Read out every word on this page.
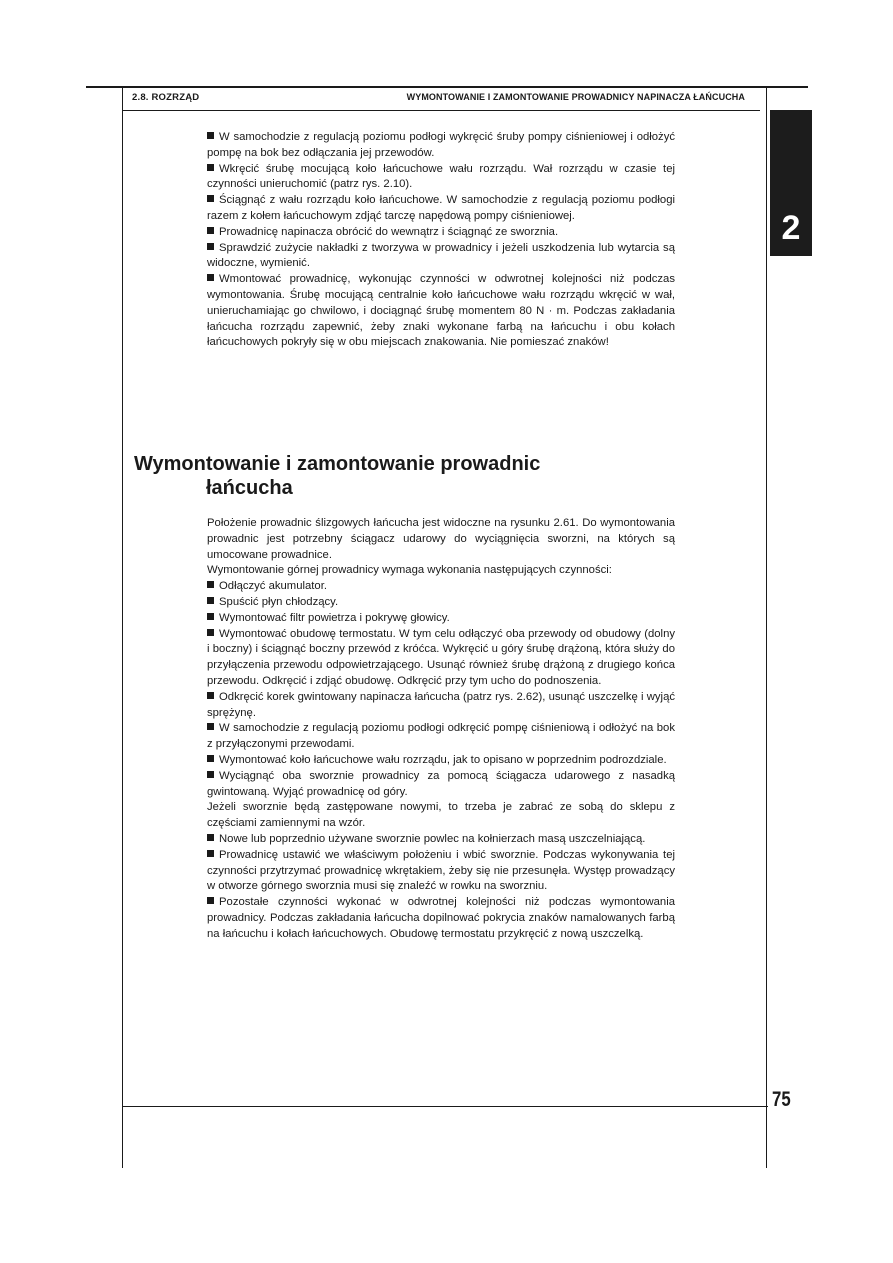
2.8. ROZRZĄD	WYMONTOWANIE I ZAMONTOWANIE PROWADNICY NAPINACZA ŁAŃCUCHA
2

W samochodzie z regulacją poziomu podłogi wykręcić śruby pompy ciśnieniowej i odłożyć pompę na bok bez odłączania jej przewodów.

Wkręcić śrubę mocującą koło łańcuchowe wału rozrządu. Wał rozrządu w czasie tej czynności unieruchomić (patrz rys. 2.10).

Ściągnąć z wału rozrządu koło łańcuchowe. W samochodzie z regulacją poziomu podłogi razem z kołem łańcuchowym zdjąć tarczę napędową pompy ciśnieniowej.

Prowadnicę napinacza obrócić do wewnątrz i ściągnąć ze sworznia.

Sprawdzić zużycie nakładki z tworzywa w prowadnicy i jeżeli uszkodzenia lub wytarcia są widoczne, wymienić.

Wmontować prowadnicę, wykonując czynności w odwrotnej kolejności niż podczas wymontowania. Śrubę mocującą centralnie koło łańcuchowe wału rozrządu wkręcić w wał, unieruchamiając go chwilowo, i dociągnąć śrubę momentem 80 N · m. Podczas zakładania łańcucha rozrządu zapewnić, żeby znaki wykonane farbą na łańcuchu i obu kołach łańcuchowych pokryły się w obu miejscach znakowania. Nie pomieszać znaków!

Wymontowanie i zamontowanie prowadnic
łańcucha

Położenie prowadnic ślizgowych łańcucha jest widoczne na rysunku 2.61. Do wymontowania prowadnic jest potrzebny ściągacz udarowy do wyciągnięcia sworzni, na których są umocowane prowadnice.

Wymontowanie górnej prowadnicy wymaga wykonania następujących czynności:

Odłączyć akumulator.

Spuścić płyn chłodzący.

Wymontować filtr powietrza i pokrywę głowicy.

Wymontować obudowę termostatu. W tym celu odłączyć oba przewody od obudowy (dolny i boczny) i ściągnąć boczny przewód z króćca. Wykręcić u góry śrubę drążoną, która służy do przyłączenia przewodu odpowietrzającego. Usunąć również śrubę drążoną z drugiego końca przewodu. Odkręcić i zdjąć obudowę. Odkręcić przy tym ucho do podnoszenia.

Odkręcić korek gwintowany napinacza łańcucha (patrz rys. 2.62), usunąć uszczelkę i wyjąć sprężynę.

W samochodzie z regulacją poziomu podłogi odkręcić pompę ciśnieniową i odłożyć na bok z przyłączonymi przewodami.

Wymontować koło łańcuchowe wału rozrządu, jak to opisano w poprzednim podrozdziale.

Wyciągnąć oba sworznie prowadnicy za pomocą ściągacza udarowego z nasadką gwintowaną. Wyjąć prowadnicę od góry.

Jeżeli sworznie będą zastępowane nowymi, to trzeba je zabrać ze sobą do sklepu z częściami zamiennymi na wzór.

Nowe lub poprzednio używane sworznie powlec na kołnierzach masą uszczelniającą.

Prowadnicę ustawić we właściwym położeniu i wbić sworznie. Podczas wykonywania tej czynności przytrzymać prowadnicę wkrętakiem, żeby się nie przesunęła. Występ prowadzący w otworze górnego sworznia musi się znaleźć w rowku na sworzniu.

Pozostałe czynności wykonać w odwrotnej kolejności niż podczas wymontowania prowadnicy. Podczas zakładania łańcucha dopilnować pokrycia znaków namalowanych farbą na łańcuchu i kołach łańcuchowych. Obudowę termostatu przykręcić z nową uszczelką.

75
